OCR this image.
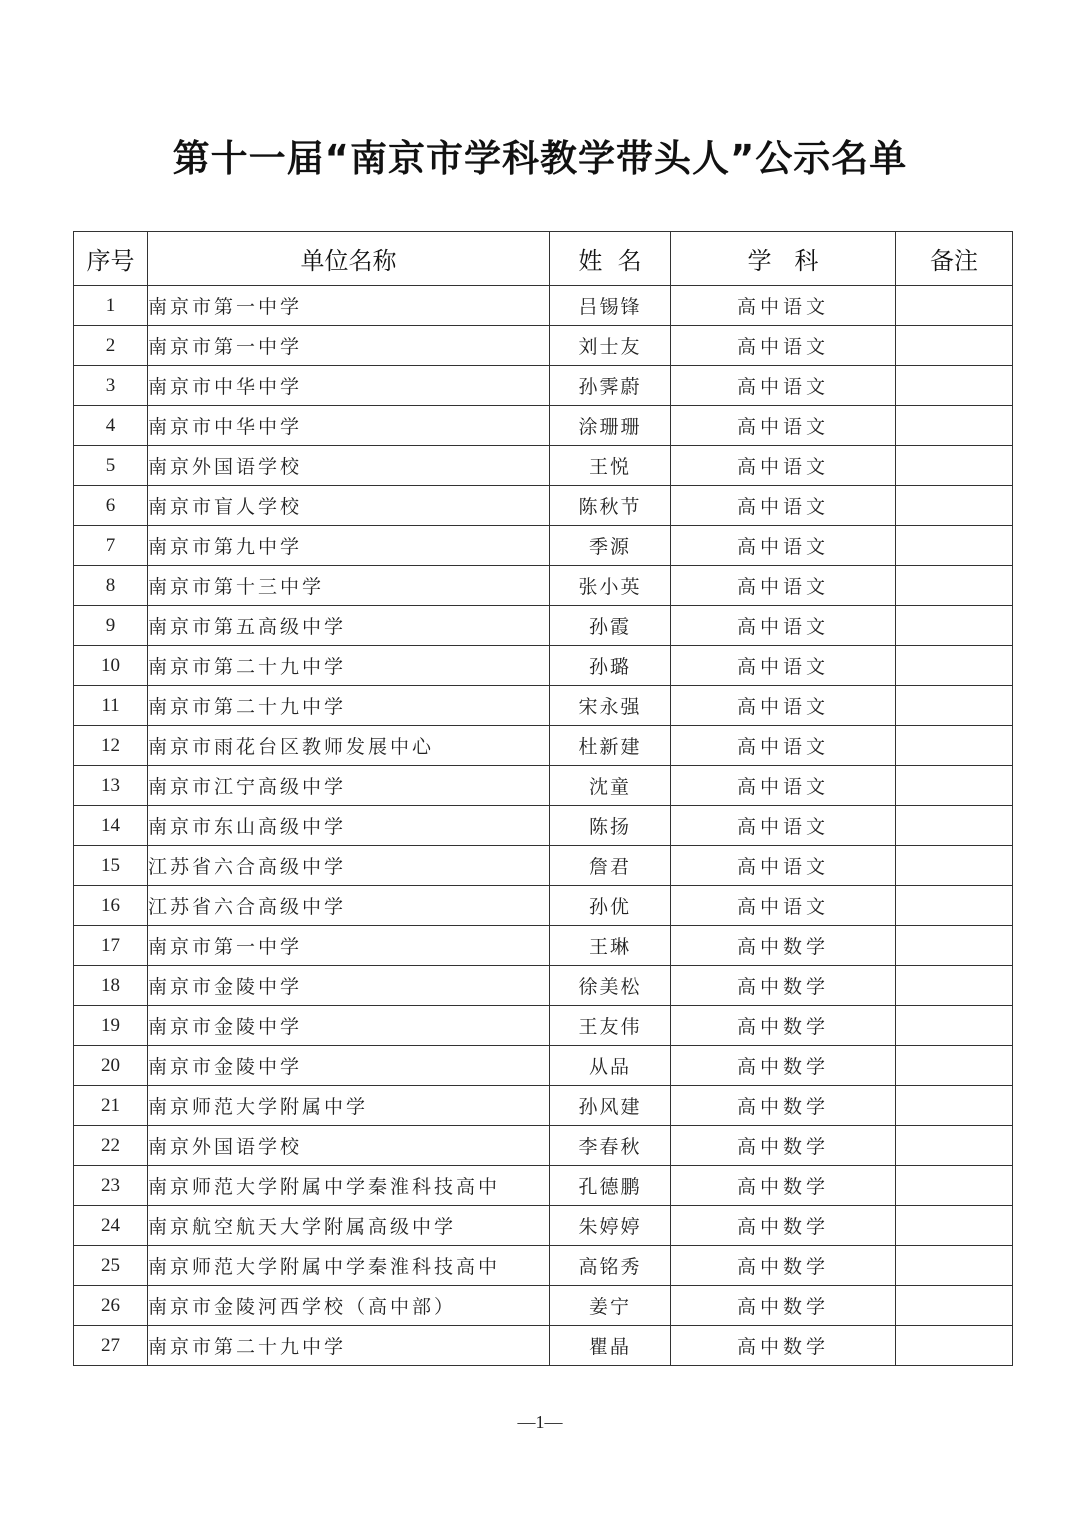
第十一届“南京市学科教学带头人”公示名单
序号	单位名称	姓  名	学   科	备注
1	南京市第一中学	吕锡锋	高中语文	
2	南京市第一中学	刘士友	高中语文	
3	南京市中华中学	孙霁蔚	高中语文	
4	南京市中华中学	涂珊珊	高中语文	
5	南京外国语学校	王悦	高中语文	
6	南京市盲人学校	陈秋节	高中语文	
7	南京市第九中学	季源	高中语文	
8	南京市第十三中学	张小英	高中语文	
9	南京市第五高级中学	孙霞	高中语文	
10	南京市第二十九中学	孙璐	高中语文	
11	南京市第二十九中学	宋永强	高中语文	
12	南京市雨花台区教师发展中心	杜新建	高中语文	
13	南京市江宁高级中学	沈童	高中语文	
14	南京市东山高级中学	陈扬	高中语文	
15	江苏省六合高级中学	詹君	高中语文	
16	江苏省六合高级中学	孙优	高中语文	
17	南京市第一中学	王琳	高中数学	
18	南京市金陵中学	徐美松	高中数学	
19	南京市金陵中学	王友伟	高中数学	
20	南京市金陵中学	从品	高中数学	
21	南京师范大学附属中学	孙风建	高中数学	
22	南京外国语学校	李春秋	高中数学	
23	南京师范大学附属中学秦淮科技高中	孔德鹏	高中数学	
24	南京航空航天大学附属高级中学	朱婷婷	高中数学	
25	南京师范大学附属中学秦淮科技高中	高铭秀	高中数学	
26	南京市金陵河西学校（高中部）	姜宁	高中数学	
27	南京市第二十九中学	瞿晶	高中数学	
—1—
